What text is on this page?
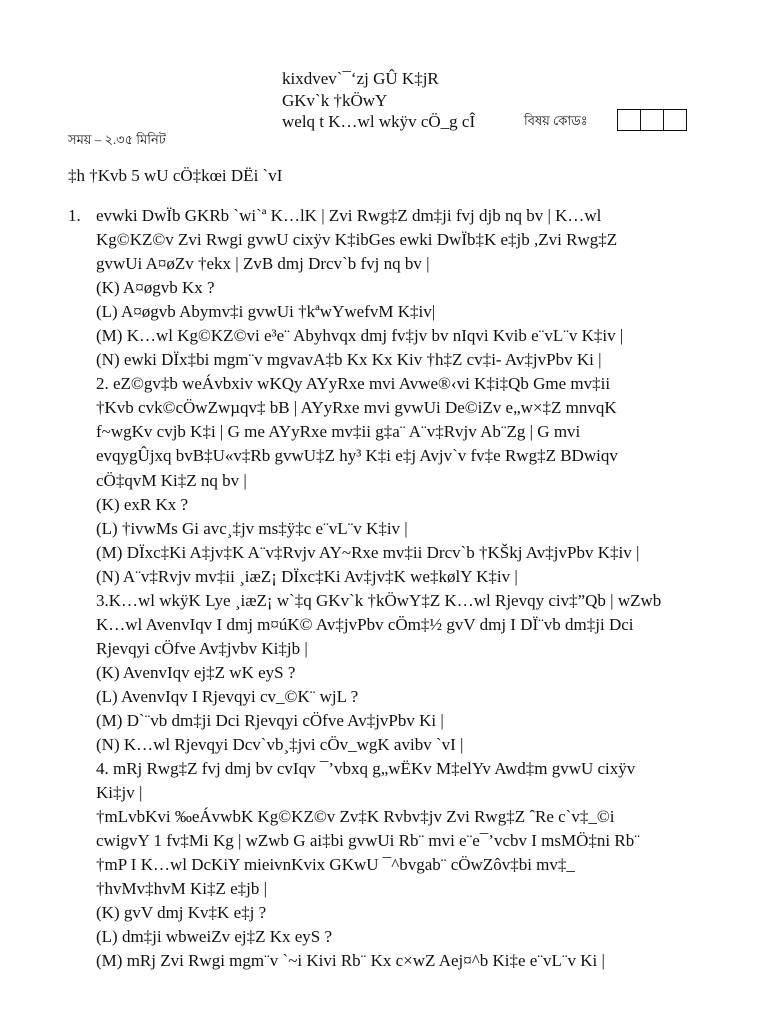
kixdvev`¯‘zj GÛ K‡jR
GKv`k †kÖwY
welq t K…wl wkÿv cÖ_g cÎ	বিষয় কোডঃ
সময় – ২.৩৫ মিনিট
‡h †Kvb 5 wU cÖ‡kœi DËi `vI
1. evwki DwÏb GKRb `wi`ª K…lK | Zvi Rwg‡Z dm‡ji fvj djb nq bv | K…wl
Kg©KZ©v Zvi Rwgi gvwU cixÿv K‡ibGes ewki DwÏb‡K e‡jb ,Zvi Rwg‡Z
gvwUi A¤øZv †ekx | ZvB dmj Drcv`b fvj nq bv |
(K) A¤øgvb Kx ?
(L) A¤øgvb Abymv‡i gvwUi †kªwYwefvM K‡iv|
(M) K…wl Kg©KZ©vi e³e¨ Abyhvqx dmj fv‡jv bv nIqvi Kvib e¨vL¨v K‡iv |
(N) ewki DÏx‡bi mgm¨v mgvavA‡b Kx Kx Kiv †h‡Z cv‡i- Av‡jvPbv Ki |
2. eZ©gv‡b weÁvbxiv wKQy AYyRxe mvi Avwe®‹vi K‡i‡Qb Gme mv‡ii
†Kvb cvk©cÖwZwµqv‡ bB | AYyRxe mvi gvwUi De©iZv e„w×‡Z mnvqK
f~wgKv cvjb K‡i | G me AYyRxe mv‡ii g‡a¨ A¨v‡Rvjv Ab¨Zg | G mvi
evqygÛjxq bvB‡U«v‡Rb gvwU‡Z hy³ K‡i e‡j Avjv`v fv‡e Rwg‡Z BDwiqv
cÖ‡qvM Ki‡Z nq bv |
(K) exR Kx ?
(L) †ivwMs Gi avc¸‡jv ms‡ÿ‡c e¨vL¨v K‡iv |
(M) DÏxc‡Ki A‡jv‡K A¨v‡Rvjv AY~Rxe mv‡ii Drcv`b †KŠkj Av‡jvPbv K‡iv |
(N) A¨v‡Rvjv mv‡ii ¸iæZ¡ DÏxc‡Ki Av‡jv‡K we‡kølY K‡iv |
3.K…wl wkÿK Lye ¸iæZ¡ w`‡q GKv`k †kÖwY‡Z K…wl Rjevqy civ‡”Qb | wZwb
K…wl AvenvIqv I dmj m¤úK© Av‡jvPbv cÖm‡½ gvV dmj I DÏ¨vb dm‡ji Dci
Rjevqyi cÖfve Av‡jvbv Ki‡jb |
(K) AvenvIqv ej‡Z wK eyS ?
(L) AvenvIqv I Rjevqyi cv_©K¨ wjL ?
(M) D`¨vb dm‡ji Dci Rjevqyi cÖfve Av‡jvPbv Ki |
(N) K…wl Rjevqyi Dcv`vb¸‡jvi cÖv_wgK avibv `vI |
4. mRj Rwg‡Z fvj dmj bv cvIqv ¯’vbxq g„wËKv M‡elYv Awd‡m gvwU cixÿv
Ki‡jv |
†mLvbKvi ‰eÁvwbK Kg©KZ©v Zv‡K Rvbv‡jv Zvi Rwg‡Z ˆRe c`v‡_©i
cwigvY 1 fv‡Mi Kg | wZwb G ai‡bi gvwUi Rb¨ mvi e¨e¯’vcbv I msMÖ‡ni Rb¨
†mP I K…wl DcKiY mieivnKvix GKwU ¯^bvgab¨ cÖwZôv‡bi mv‡_
†hvMv‡hvM Ki‡Z e‡jb |
(K) gvV dmj Kv‡K e‡j ?
(L) dm‡ji wbweiZv ej‡Z Kx eyS ?
(M) mRj Zvi Rwgi mgm¨v `~i Kivi Rb¨ Kx c×wZ Aej¤^b Ki‡e e¨vL¨v Ki |
